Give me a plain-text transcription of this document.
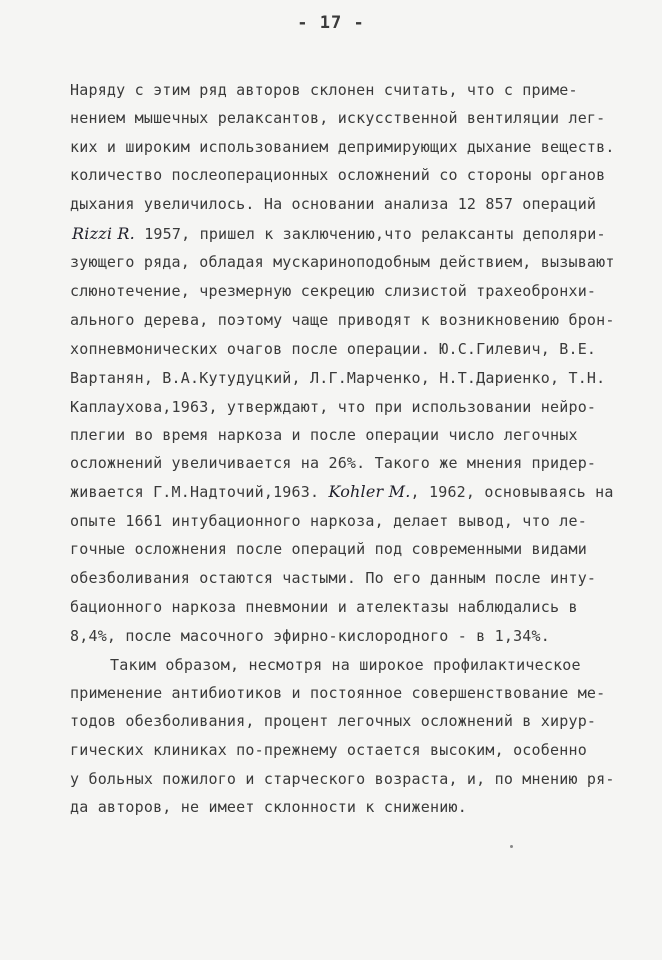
- 17 -
Наряду с этим ряд авторов склонен считать, что с приме-
нением мышечных релаксантов, искусственной вентиляции лег-
ких и широким использованием депримирующих дыхание вещеcтв.
количество послеоперационных осложнений со стороны органов
дыхания увеличилось. На основании анализа 12 857 операций
Rizzi R. 1957, пришел к заключению,что релаксанты деполяри-
зующего ряда, обладая мускариноподобным действием, вызывают
слюнотечение, чрезмерную секрецию слизистой трахеобронхи-
ального дерева, поэтому чаще приводят к возникновению брон-
хопневмонических очагов после операции. Ю.С.Гилевич, В.Е.
Вартанян, В.А.Кутудуцкий, Л.Г.Марченко, Н.Т.Дариенко, Т.Н.
Каплаухова,1963, утверждают, что при использовании нейро-
плегии во время наркоза и после операции число легочных
осложнений увеличивается на 26%. Такого же мнения придер-
живается Г.М.Надточий,1963. Kohler M., 1962, основываясь на
опыте 1661 интубационного наркоза, делает вывод, что ле-
гочные осложнения после операций под современными видами
обезболивания остаются частыми. По его данным после инту-
бационного наркоза пневмонии и ателектазы наблюдались в
8,4%, после масочного эфирно-кислородного - в 1,34%.
Таким образом, несмотря на широкое профилактическое
применение антибиотиков и постоянное совершенствование ме-
тодов обезболивания, процент легочных осложнений в хирур-
гических клиниках по-прежнему остается высоким, особенно
у больных пожилого и старческого возраста, и, по мнению ря-
да авторов, не имеет склонности к снижению.
